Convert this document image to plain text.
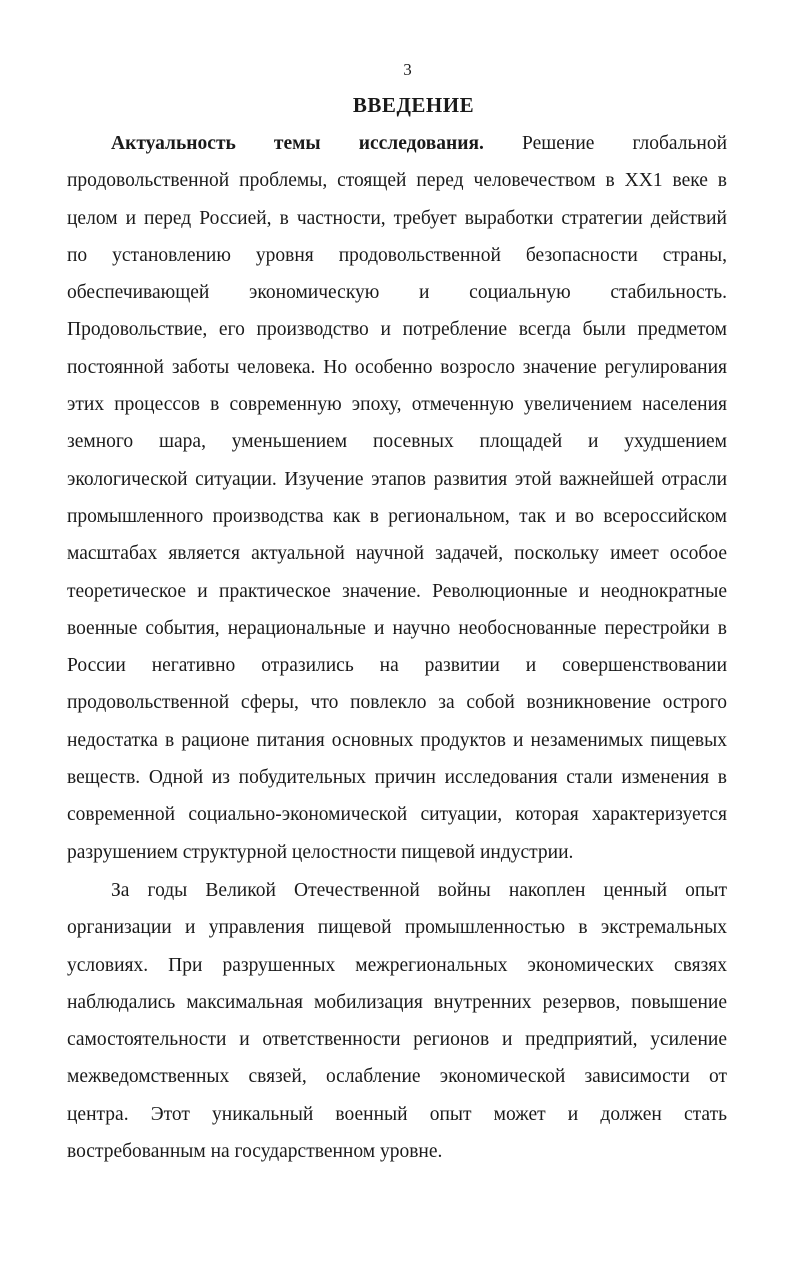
3
ВВЕДЕНИЕ
Актуальность темы исследования. Решение глобальной
продовольственной проблемы, стоящей перед человечеством в XX1 веке в
целом и перед Россией, в частности, требует выработки стратегии действий
по установлению уровня продовольственной безопасности страны,
обеспечивающей экономическую и социальную стабильность.
Продовольствие, его производство и потребление всегда были предметом
постоянной заботы человека. Но особенно возросло значение регулирования
этих процессов в современную эпоху, отмеченную увеличением населения
земного шара, уменьшением посевных площадей и ухудшением
экологической ситуации. Изучение этапов развития этой важнейшей отрасли
промышленного производства как в региональном, так и во всероссийском
масштабах является актуальной научной задачей, поскольку имеет особое
теоретическое и практическое значение. Революционные и неоднократные
военные события, нерациональные и научно необоснованные перестройки в
России негативно отразились на развитии и совершенствовании
продовольственной сферы, что повлекло за собой возникновение острого
недостатка в рационе питания основных продуктов и незаменимых пищевых
веществ. Одной из побудительных причин исследования стали изменения в
современной социально-экономической ситуации, которая характеризуется
разрушением структурной целостности пищевой индустрии.
За годы Великой Отечественной войны накоплен ценный опыт
организации и управления пищевой промышленностью в экстремальных
условиях. При разрушенных межрегиональных экономических связях
наблюдались максимальная мобилизация внутренних резервов, повышение
самостоятельности и ответственности регионов и предприятий, усиление
межведомственных связей, ослабление экономической зависимости от
центра. Этот уникальный военный опыт может и должен стать
востребованным на государственном уровне.
